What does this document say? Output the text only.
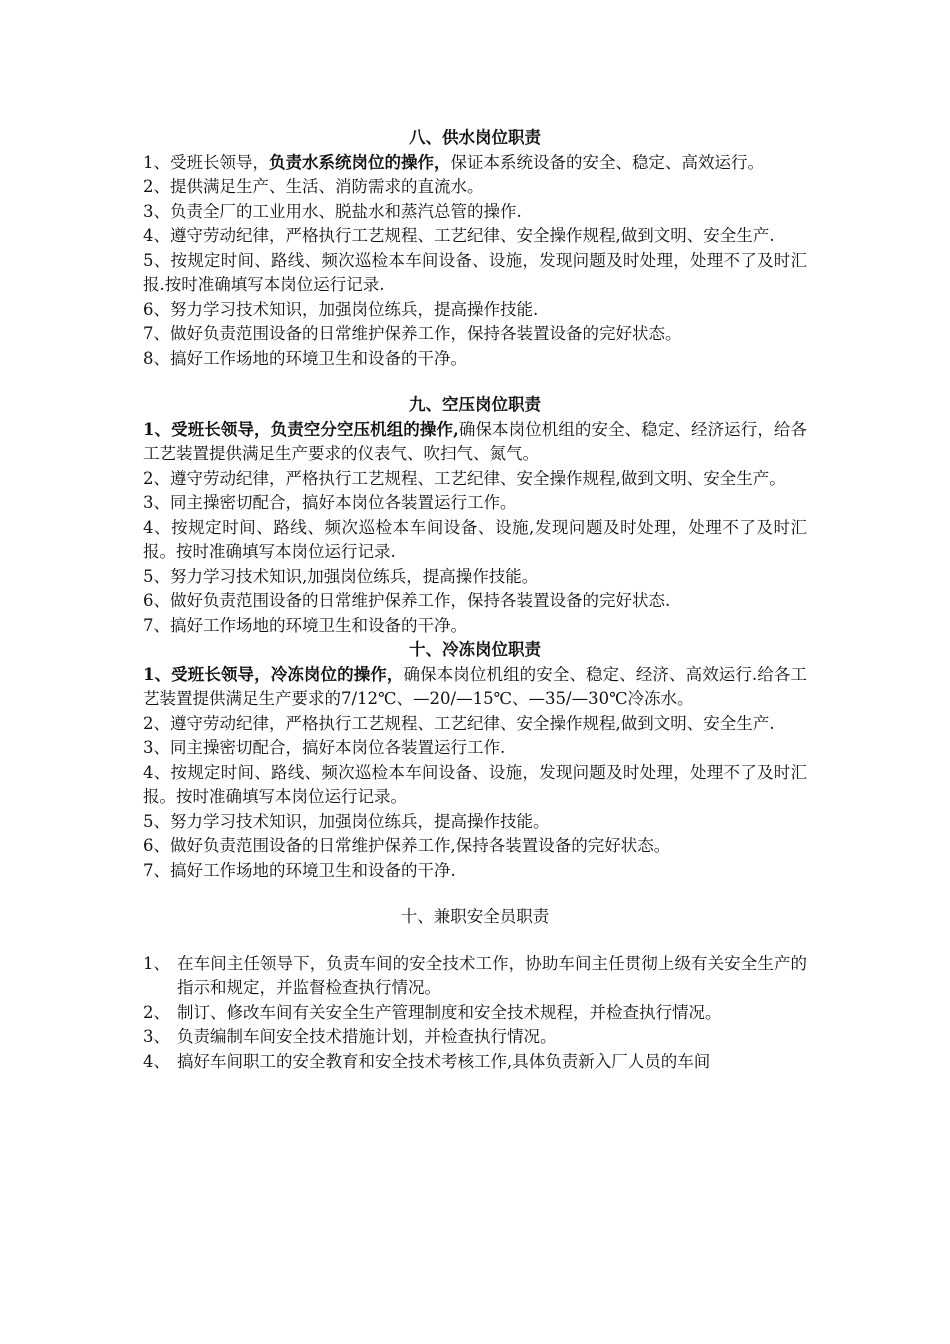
八、供水岗位职责

1、受班长领导，负责水系统岗位的操作，保证本系统设备的安全、稳定、高效运行。

2、提供满足生产、生活、消防需求的直流水。

3、负责全厂的工业用水、脱盐水和蒸汽总管的操作.

4、遵守劳动纪律，严格执行工艺规程、工艺纪律、安全操作规程,做到文明、安全生产.

5、按规定时间、路线、频次巡检本车间设备、设施，发现问题及时处理，处理不了及时汇报.按时准确填写本岗位运行记录.

6、努力学习技术知识，加强岗位练兵，提高操作技能.

7、做好负责范围设备的日常维护保养工作，保持各装置设备的完好状态。

8、搞好工作场地的环境卫生和设备的干净。

九、空压岗位职责

1、受班长领导，负责空分空压机组的操作,确保本岗位机组的安全、稳定、经济运行，给各工艺装置提供满足生产要求的仪表气、吹扫气、氮气。

2、遵守劳动纪律，严格执行工艺规程、工艺纪律、安全操作规程,做到文明、安全生产。

3、同主操密切配合，搞好本岗位各装置运行工作。

4、按规定时间、路线、频次巡检本车间设备、设施,发现问题及时处理，处理不了及时汇报。按时准确填写本岗位运行记录.

5、努力学习技术知识,加强岗位练兵，提高操作技能。

6、做好负责范围设备的日常维护保养工作，保持各装置设备的完好状态.

7、搞好工作场地的环境卫生和设备的干净。

十、冷冻岗位职责

1、受班长领导，冷冻岗位的操作，确保本岗位机组的安全、稳定、经济、高效运行.给各工艺装置提供满足生产要求的7/12℃、—20/—15℃、—35/—30℃冷冻水。

2、遵守劳动纪律，严格执行工艺规程、工艺纪律、安全操作规程,做到文明、安全生产.

3、同主操密切配合，搞好本岗位各装置运行工作.

4、按规定时间、路线、频次巡检本车间设备、设施，发现问题及时处理，处理不了及时汇报。按时准确填写本岗位运行记录。

5、努力学习技术知识，加强岗位练兵，提高操作技能。

6、做好负责范围设备的日常维护保养工作,保持各装置设备的完好状态。

7、搞好工作场地的环境卫生和设备的干净.

十、兼职安全员职责

1、 在车间主任领导下，负责车间的安全技术工作，协助车间主任贯彻上级有关安全生产的指示和规定，并监督检查执行情况。

2、 制订、修改车间有关安全生产管理制度和安全技术规程，并检查执行情况。

3、 负责编制车间安全技术措施计划，并检查执行情况。

4、 搞好车间职工的安全教育和安全技术考核工作,具体负责新入厂人员的车间
